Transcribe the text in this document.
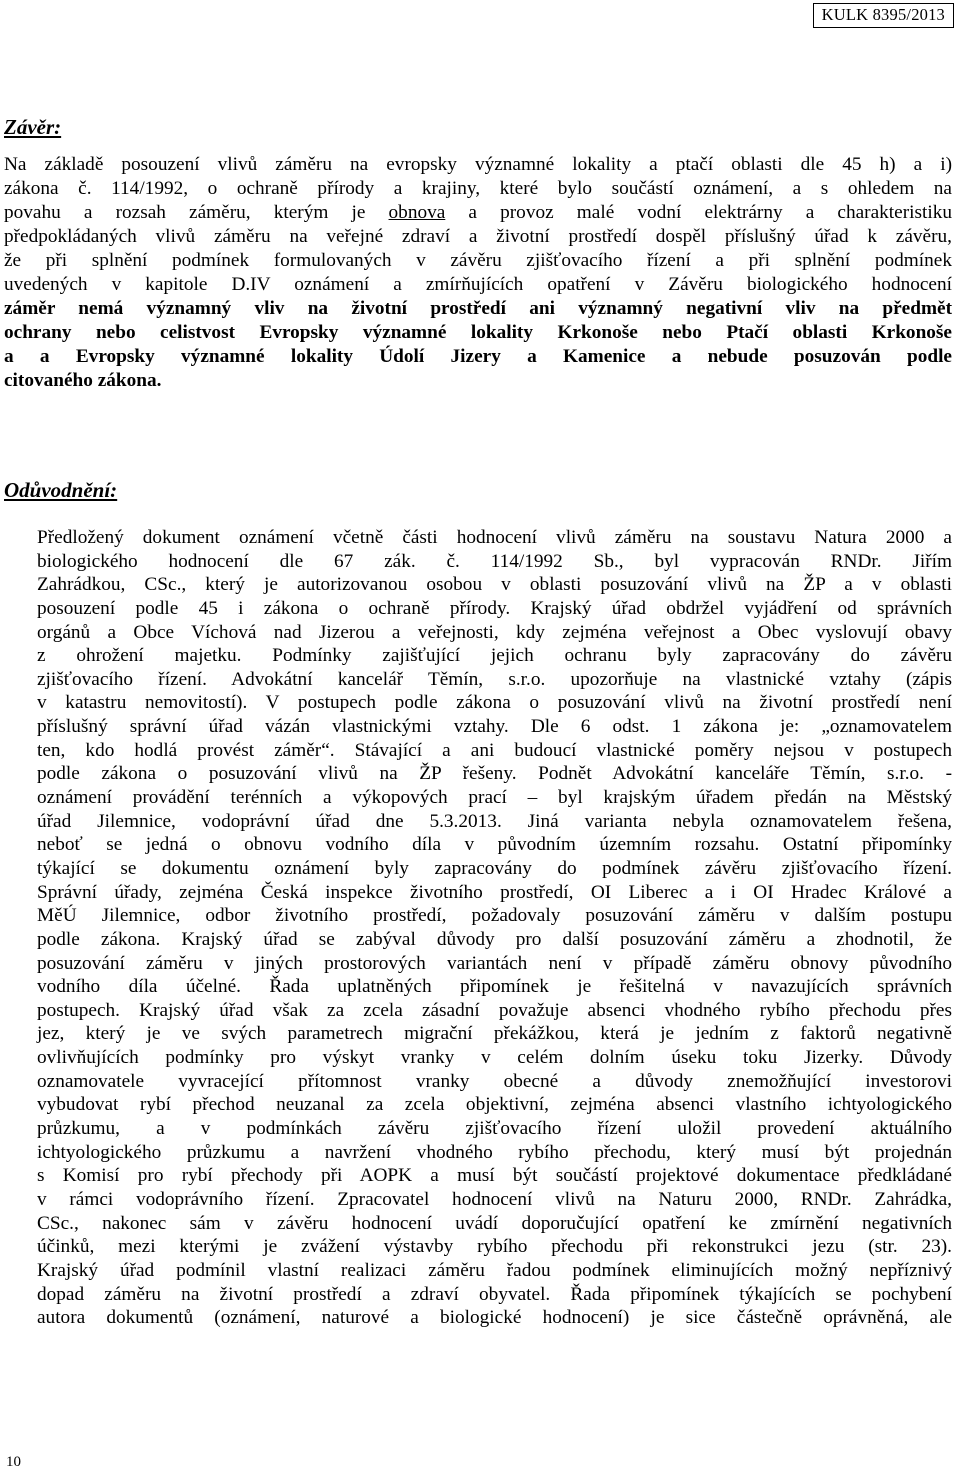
KULK 8395/2013
Závěr:
Na základě posouzení vlivů záměru na evropsky významné lokality a ptačí oblasti dle 45 h) a i)
zákona č. 114/1992, o ochraně přírody a krajiny, které bylo součástí oznámení, a s ohledem na
povahu a rozsah záměru, kterým je obnova a provoz malé vodní elektrárny a charakteristiku
předpokládaných vlivů záměru na veřejné zdraví a životní prostředí dospěl příslušný úřad k závěru,
že při splnění podmínek formulovaných v závěru zjišťovacího řízení a při splnění podmínek
uvedených v kapitole D.IV oznámení a zmírňujících opatření v Závěru biologického hodnocení
záměr nemá významný vliv na životní prostředí ani významný negativní vliv na předmět
ochrany nebo celistvost Evropsky významné lokality Krkonoše nebo Ptačí oblasti Krkonoše
a a Evropsky významné lokality Údolí Jizery a Kamenice a nebude posuzován podle
citovaného zákona.
Odůvodnění:
Předložený dokument oznámení včetně části hodnocení vlivů záměru na soustavu Natura 2000 a
biologického hodnocení dle 67 zák. č. 114/1992 Sb., byl vypracován RNDr. Jiřím
Zahrádkou, CSc., který je autorizovanou osobou v oblasti posuzování vlivů na ŽP a v oblasti
posouzení podle 45 i zákona o ochraně přírody. Krajský úřad obdržel vyjádření od správních
orgánů a Obce Víchová nad Jizerou a veřejnosti, kdy zejména veřejnost a Obec vyslovují obavy
z ohrožení majetku. Podmínky zajišťující jejich ochranu byly zapracovány do závěru
zjišťovacího řízení. Advokátní kancelář Těmín, s.r.o. upozorňuje na vlastnické vztahy (zápis
v katastru nemovitostí). V postupech podle zákona o posuzování vlivů na životní prostředí není
příslušný správní úřad vázán vlastnickými vztahy. Dle 6 odst. 1 zákona je: „oznamovatelem
ten, kdo hodlá provést záměr“. Stávající a ani budoucí vlastnické poměry nejsou v postupech
podle zákona o posuzování vlivů na ŽP řešeny. Podnět Advokátní kanceláře Těmín, s.r.o. -
oznámení provádění terénních a výkopových prací – byl krajským úřadem předán na Městský
úřad Jilemnice, vodoprávní úřad dne 5.3.2013. Jiná varianta nebyla oznamovatelem řešena,
neboť se jedná o obnovu vodního díla v původním územním rozsahu. Ostatní připomínky
týkající se dokumentu oznámení byly zapracovány do podmínek závěru zjišťovacího řízení.
Správní úřady, zejména Česká inspekce životního prostředí, OI Liberec a i OI Hradec Králové a
MěÚ Jilemnice, odbor životního prostředí, požadovaly posuzování záměru v dalším postupu
podle zákona. Krajský úřad se zabýval důvody pro další posuzování záměru a zhodnotil, že
posuzování záměru v jiných prostorových variantách není v případě záměru obnovy původního
vodního díla účelné. Řada uplatněných připomínek je řešitelná v navazujících správních
postupech. Krajský úřad však za zcela zásadní považuje absenci vhodného rybího přechodu přes
jez, který je ve svých parametrech migrační překážkou, která je jedním z faktorů negativně
ovlivňujících podmínky pro výskyt vranky v celém dolním úseku toku Jizerky. Důvody
oznamovatele vyvracející přítomnost vranky obecné a důvody znemožňující investorovi
vybudovat rybí přechod neuzanal za zcela objektivní, zejména absenci vlastního ichtyologického
průzkumu, a v podmínkách závěru zjišťovacího řízení uložil provedení aktuálního
ichtyologického průzkumu a navržení vhodného rybího přechodu, který musí být projednán
s Komisí pro rybí přechody při AOPK a musí být součástí projektové dokumentace předkládané
v rámci vodoprávního řízení. Zpracovatel hodnocení vlivů na Naturu 2000, RNDr. Zahrádka,
CSc., nakonec sám v závěru hodnocení uvádí doporučující opatření ke zmírnění negativních
účinků, mezi kterými je zvážení výstavby rybího přechodu při rekonstrukci jezu (str. 23).
Krajský úřad podmínil vlastní realizaci záměru řadou podmínek eliminujících možný nepříznivý
dopad záměru na životní prostředí a zdraví obyvatel. Řada připomínek týkajících se pochybení
autora dokumentů (oznámení, naturové a biologické hodnocení) je sice částečně oprávněná, ale
10
